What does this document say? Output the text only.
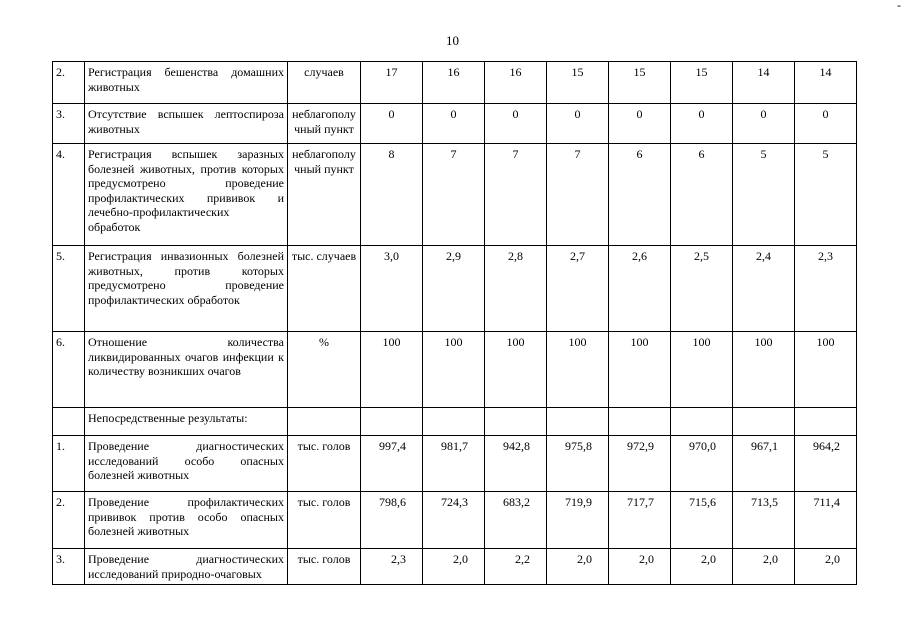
-
10
2.	Регистрация бешенства домашних животных	случаев	17	16	16	15	15	15	14	14
3.	Отсутствие вспышек лептоспироза животных	неблагополу чный пункт	0	0	0	0	0	0	0	0
4.	Регистрация вспышек заразных болезней животных, против которых предусмотрено проведение профилактических прививок и лечебно-профилактических обработок	неблагополу чный пункт	8	7	7	7	6	6	5	5
5.	Регистрация инвазионных болезней животных, против которых предусмотрено проведение профилактических обработок	тыс. случаев	3,0	2,9	2,8	2,7	2,6	2,5	2,4	2,3
6.	Отношение количества ликвидированных очагов инфекции к количеству возникших очагов	%	100	100	100	100	100	100	100	100
	Непосредственные результаты:									
1.	Проведение диагностических исследований особо опасных болезней животных	тыс. голов	997,4	981,7	942,8	975,8	972,9	970,0	967,1	964,2
2.	Проведение профилактических прививок против особо опасных болезней животных	тыс. голов	798,6	724,3	683,2	719,9	717,7	715,6	713,5	711,4
3.	Проведение диагностических исследований природно-очаговых	тыс. голов	2,3	2,0	2,2	2,0	2,0	2,0	2,0	2,0
